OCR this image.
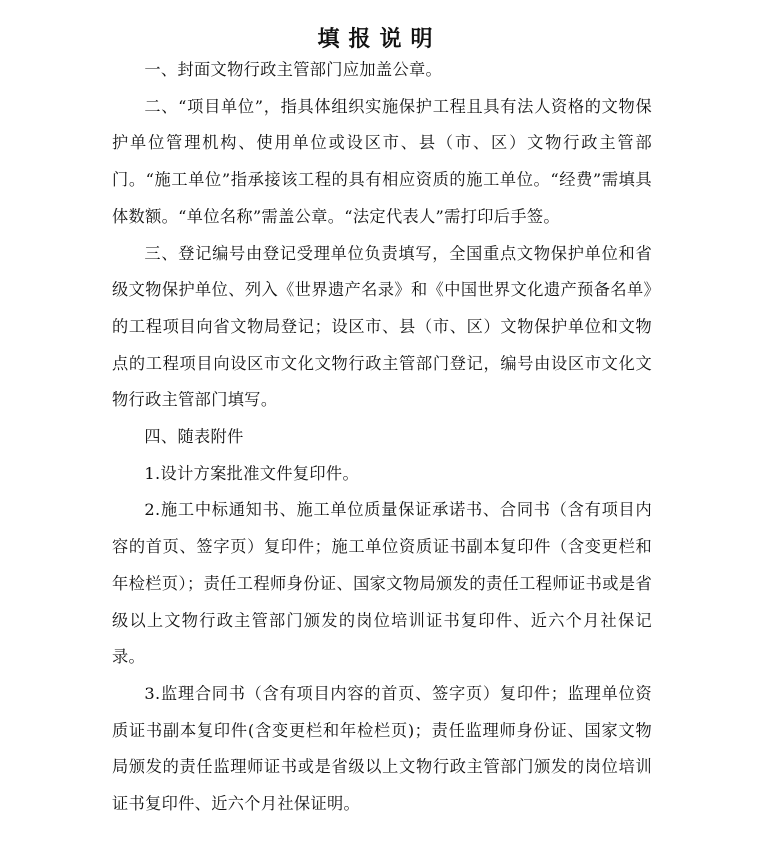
填报说明

一、封面文物行政主管部门应加盖公章。

二、“项目单位”，指具体组织实施保护工程且具有法人资格的文物保护单位管理机构、使用单位或设区市、县（市、区）文物行政主管部门。“施工单位”指承接该工程的具有相应资质的施工单位。“经费”需填具体数额。“单位名称”需盖公章。“法定代表人”需打印后手签。

三、登记编号由登记受理单位负责填写，全国重点文物保护单位和省级文物保护单位、列入《世界遗产名录》和《中国世界文化遗产预备名单》的工程项目向省文物局登记；设区市、县（市、区）文物保护单位和文物点的工程项目向设区市文化文物行政主管部门登记，编号由设区市文化文物行政主管部门填写。

四、随表附件

1.设计方案批准文件复印件。

2.施工中标通知书、施工单位质量保证承诺书、合同书（含有项目内容的首页、签字页）复印件；施工单位资质证书副本复印件（含变更栏和年检栏页）；责任工程师身份证、国家文物局颁发的责任工程师证书或是省级以上文物行政主管部门颁发的岗位培训证书复印件、近六个月社保记录。

3.监理合同书（含有项目内容的首页、签字页）复印件；监理单位资质证书副本复印件(含变更栏和年检栏页)；责任监理师身份证、国家文物局颁发的责任监理师证书或是省级以上文物行政主管部门颁发的岗位培训证书复印件、近六个月社保证明。
